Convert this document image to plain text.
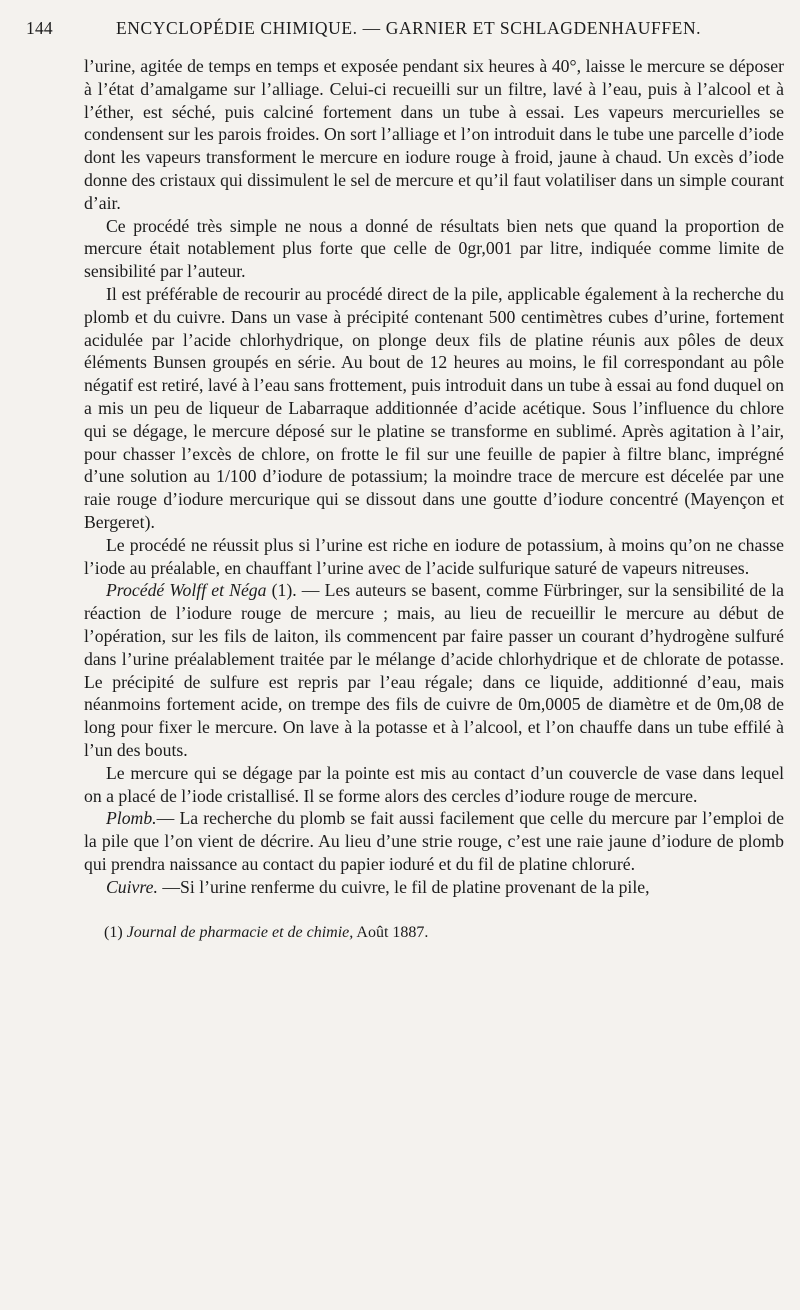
144	ENCYCLOPÉDIE CHIMIQUE. — GARNIER ET SCHLAGDENHAUFFEN.

l’urine, agitée de temps en temps et exposée pendant six heures à 40°, laisse le mercure se déposer à l’état d’amalgame sur l’alliage. Celui-ci recueilli sur un filtre, lavé à l’eau, puis à l’alcool et à l’éther, est séché, puis calciné fortement dans un tube à essai. Les vapeurs mercurielles se condensent sur les parois froides. On sort l’alliage et l’on introduit dans le tube une parcelle d’iode dont les vapeurs transforment le mercure en iodure rouge à froid, jaune à chaud. Un excès d’iode donne des cristaux qui dissimulent le sel de mercure et qu’il faut volatiliser dans un simple courant d’air.

Ce procédé très simple ne nous a donné de résultats bien nets que quand la proportion de mercure était notablement plus forte que celle de 0gr,001 par litre, indiquée comme limite de sensibilité par l’auteur.

Il est préférable de recourir au procédé direct de la pile, applicable également à la recherche du plomb et du cuivre. Dans un vase à précipité contenant 500 centimètres cubes d’urine, fortement acidulée par l’acide chlorhydrique, on plonge deux fils de platine réunis aux pôles de deux éléments Bunsen groupés en série. Au bout de 12 heures au moins, le fil correspondant au pôle négatif est retiré, lavé à l’eau sans frottement, puis introduit dans un tube à essai au fond duquel on a mis un peu de liqueur de Labarraque additionnée d’acide acétique. Sous l’influence du chlore qui se dégage, le mercure déposé sur le platine se transforme en sublimé. Après agitation à l’air, pour chasser l’excès de chlore, on frotte le fil sur une feuille de papier à filtre blanc, imprégné d’une solution au 1/100 d’iodure de potassium; la moindre trace de mercure est décelée par une raie rouge d’iodure mercurique qui se dissout dans une goutte d’iodure concentré (Mayençon et Bergeret).

Le procédé ne réussit plus si l’urine est riche en iodure de potassium, à moins qu’on ne chasse l’iode au préalable, en chauffant l’urine avec de l’acide sulfurique saturé de vapeurs nitreuses.

Procédé Wolff et Néga (1). — Les auteurs se basent, comme Fürbringer, sur la sensibilité de la réaction de l’iodure rouge de mercure ; mais, au lieu de recueillir le mercure au début de l’opération, sur les fils de laiton, ils commencent par faire passer un courant d’hydrogène sulfuré dans l’urine préalablement traitée par le mélange d’acide chlorhydrique et de chlorate de potasse. Le précipité de sulfure est repris par l’eau régale; dans ce liquide, additionné d’eau, mais néanmoins fortement acide, on trempe des fils de cuivre de 0m,0005 de diamètre et de 0m,08 de long pour fixer le mercure. On lave à la potasse et à l’alcool, et l’on chauffe dans un tube effilé à l’un des bouts.

Le mercure qui se dégage par la pointe est mis au contact d’un couvercle de vase dans lequel on a placé de l’iode cristallisé. Il se forme alors des cercles d’iodure rouge de mercure.

Plomb.— La recherche du plomb se fait aussi facilement que celle du mercure par l’emploi de la pile que l’on vient de décrire. Au lieu d’une strie rouge, c’est une raie jaune d’iodure de plomb qui prendra naissance au contact du papier ioduré et du fil de platine chloruré.

Cuivre. —Si l’urine renferme du cuivre, le fil de platine provenant de la pile,

(1) Journal de pharmacie et de chimie, Août 1887.
